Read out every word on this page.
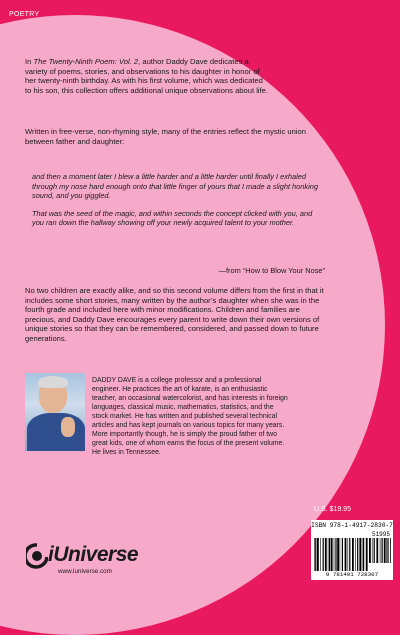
POETRY
In The Twenty-Ninth Poem: Vol. 2, author Daddy Dave dedicates a variety of poems, stories, and observations to his daughter in honor of her twenty-ninth birthday. As with his first volume, which was dedicated to his son, this collection offers additional unique observations about life.
Written in free-verse, non-rhyming style, many of the entries reflect the mystic union between father and daughter:

and then a moment later I blew a little harder and a little harder until finally I exhaled through my nose hard enough onto that little finger of yours that I made a slight honking sound, and you giggled.

That was the seed of the magic, and within seconds the concept clicked with you, and you ran down the hallway showing off your newly acquired talent to your mother.

—from “How to Blow Your Nose”
No two children are exactly alike, and so this second volume differs from the first in that it includes some short stories, many written by the author’s daughter when she was in the fourth grade and included here with minor modifications. Children and families are precious, and Daddy Dave encourages every parent to write down their own versions of unique stories so that they can be remembered, considered, and passed down to future generations.
DADDY DAVE is a college professor and a professional engineer. He practices the art of karate, is an enthusiastic teacher, an occasional watercolorist, and has interests in foreign languages, classical music, mathematics, statistics, and the stock market. He has written and published several technical articles and has kept journals on various topics for many years. More importantly though, he is simply the proud father of two great kids, one of whom earns the focus of the present volume. He lives in Tennessee.
U.S. $19.95
ISBN 978-1-4917-2830-7
51995
9 781491 728307
iUniverse
www.iuniverse.com
